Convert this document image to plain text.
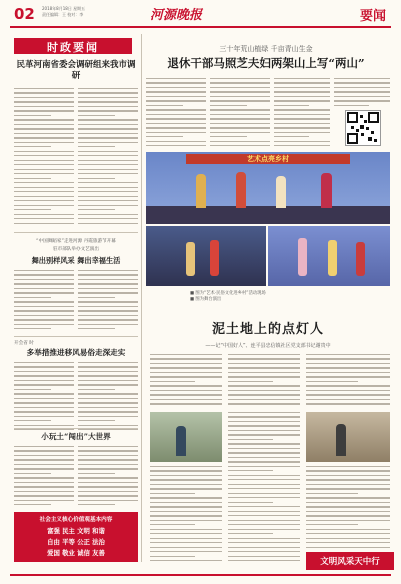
02 2018年8月18日 星期五
责任编辑：王 校对：李	河源晚报	要闻
时政要闻
民革河南省委会调研组来我市调研
三十年荒山植绿 千亩青山生金
退休干部马照芝夫妇两架山上写“两山”
艺术点亮乡村
■ 图为“艺术·民俗文化进乡村”活动现场
■ 图为舞台演出
“中国舞蹈家”走进河源 丹霞旅游节开幕
驻市部队举办文艺演出
舞出别样风采 舞出幸福生活
开会省 时
多举措推进移风易俗走深走实
小玩土“闯出”大世界
社会主义核心价值观基本内容
富强 民主 文明 和谐
自由 平等 公正 法治
爱国 敬业 诚信 友善
泥土地上的点灯人
——记“中国好人”、连平县忠信镇社区党支部书记谢贵中
文明风采天中行
